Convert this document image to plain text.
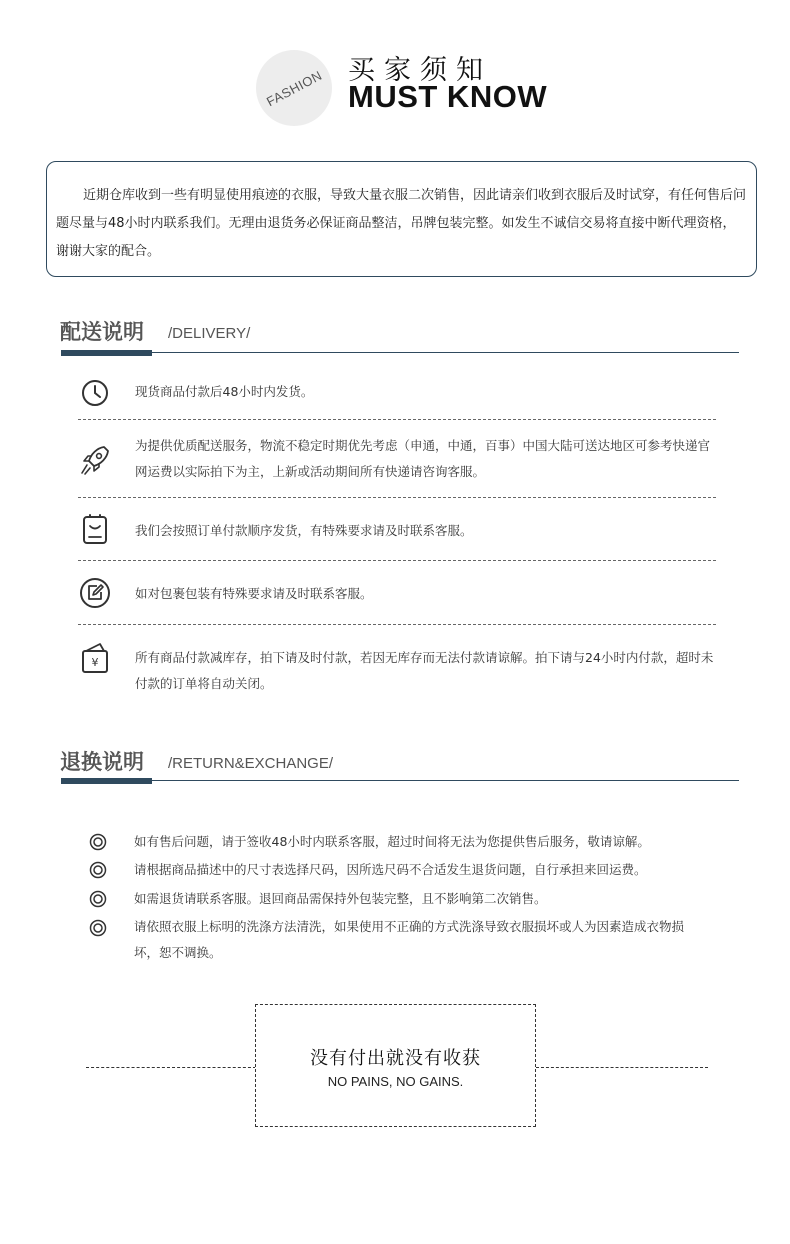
FASHION 买家须知
MUST KNOW

近期仓库收到一些有明显使用痕迹的衣服，导致大量衣服二次销售，因此请亲们收到衣服后及时试穿，有任何售后问题尽量与48小时内联系我们。无理由退货务必保证商品整洁，吊牌包装完整。如发生不诚信交易将直接中断代理资格，谢谢大家的配合。

配送说明 /DELIVERY/
现货商品付款后48小时内发货。
为提供优质配送服务，物流不稳定时期优先考虑（申通，中通，百事）中国大陆可送达地区可参考快递官网运费以实际拍下为主，上新或活动期间所有快递请咨询客服。
我们会按照订单付款顺序发货，有特殊要求请及时联系客服。
如对包裹包装有特殊要求请及时联系客服。
¥	所有商品付款减库存，拍下请及时付款，若因无库存而无法付款请谅解。拍下请与24小时内付款，超时未付款的订单将自动关闭。
退换说明 /RETURN&EXCHANGE/
如有售后问题，请于签收48小时内联系客服，超过时间将无法为您提供售后服务，敬请谅解。
请根据商品描述中的尺寸表选择尺码，因所选尺码不合适发生退货问题，自行承担来回运费。
如需退货请联系客服。退回商品需保持外包装完整，且不影响第二次销售。
请依照衣服上标明的洗涤方法清洗，如果使用不正确的方式洗涤导致衣服损坏或人为因素造成衣物损坏，恕不调换。
没有付出就没有收获
NO PAINS, NO GAINS.
